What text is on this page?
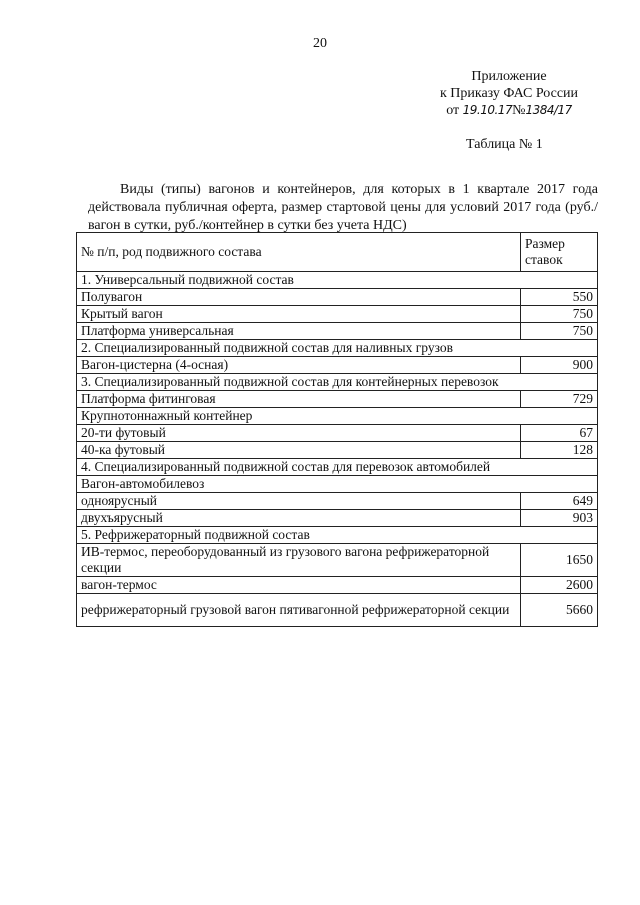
20
Приложение
к Приказу ФАС России
от 19.10.17№1384/17
Таблица № 1
Виды (типы) вагонов и контейнеров, для которых в 1 квартале 2017 года действовала публичная оферта, размер стартовой цены для условий 2017 года (руб./вагон в сутки, руб./контейнер в сутки без учета НДС)
№ п/п, род подвижного состава	Размер ставок
1. Универсальный подвижной состав	
Полувагон	550
Крытый вагон	750
Платформа универсальная	750
2. Специализированный подвижной состав для наливных грузов	
Вагон-цистерна (4-осная)	900
3. Специализированный подвижной состав для контейнерных перевозок	
Платформа фитинговая	729
Крупнотоннажный контейнер	
20-ти футовый	67
40-ка футовый	128
4. Специализированный подвижной состав для перевозок автомобилей	
Вагон-автомобилевоз	
одноярусный	649
двухъярусный	903
5. Рефрижераторный подвижной состав	
ИВ-термос, переоборудованный из грузового вагона рефрижераторной секции	1650
вагон-термос	2600
рефрижераторный грузовой вагон пятивагонной рефрижераторной секции	5660
